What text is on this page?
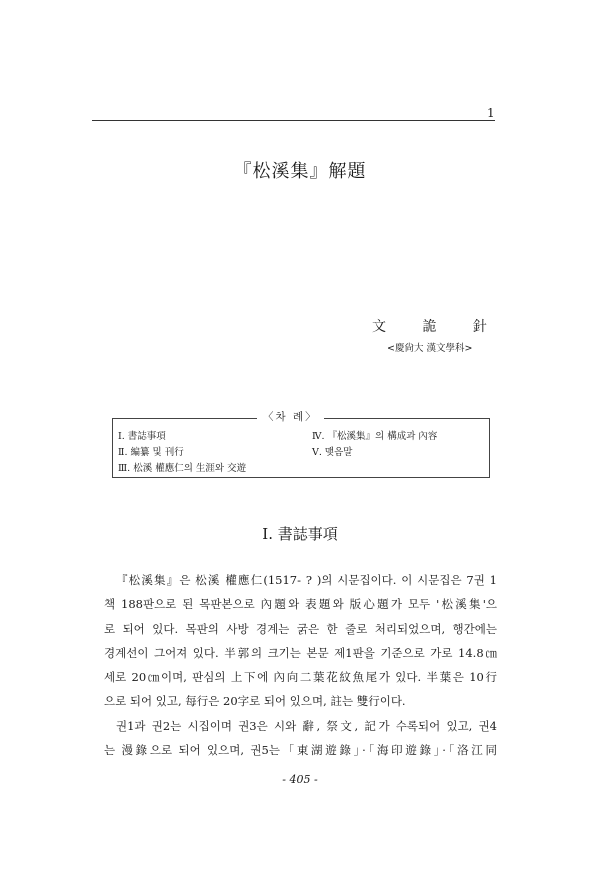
1
『松溪集』解題
文 詭 針
<慶尙大 漢文學科>
〈차 례〉
Ⅰ. 書誌事項
Ⅱ. 編纂 및 刊行
Ⅲ. 松溪 權應仁의 生涯와 交遊
Ⅳ. 『松溪集』의 構成과 內容
Ⅴ. 맺음말
Ⅰ. 書誌事項
『松溪集』은 松溪 權應仁(1517- ? )의 시문집이다. 이 시문집은 7권 1
책 188판으로 된 목판본으로 內題와 表題와 版心題가 모두 '松溪集'으
로 되어 있다. 목판의 사방 경계는 굵은 한 줄로 처리되었으며, 행간에는
경계선이 그어져 있다. 半郭의 크기는 본문 제1판을 기준으로 가로 14.8㎝
세로 20㎝이며, 판심의 上下에 內向二葉花紋魚尾가 있다. 半葉은 10行
으로 되어 있고, 每行은 20字로 되어 있으며, 註는 雙行이다.
권1과 권2는 시집이며 권3은 시와 辭, 祭文, 記가 수록되어 있고, 권4
는 漫錄으로 되어 있으며, 권5는「東湖遊錄」·「海印遊錄」·「洛江同
- 405 -
